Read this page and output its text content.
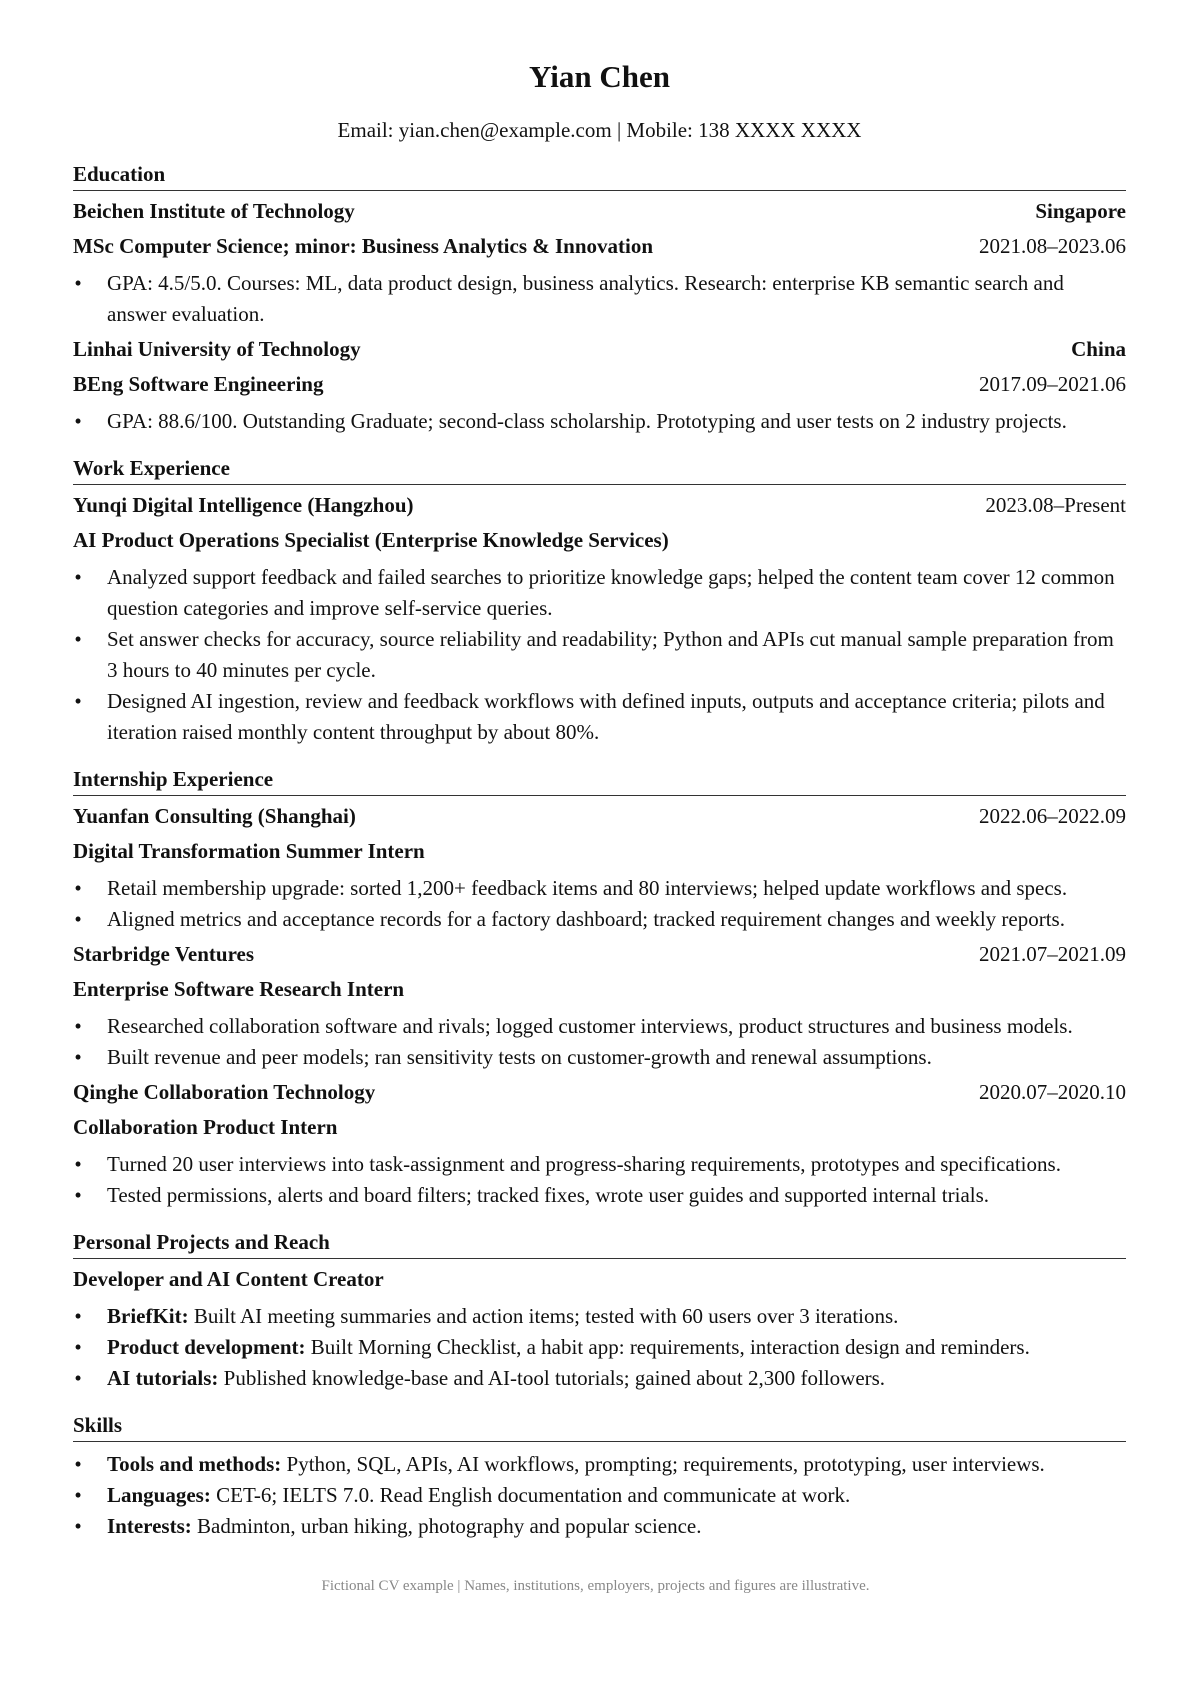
Yian Chen
Email: yian.chen@example.com | Mobile: 138 XXXX XXXX
Education
Beichen Institute of Technology	Singapore
MSc Computer Science; minor: Business Analytics & Innovation	2021.08–2023.06
• GPA: 4.5/5.0. Courses: ML, data product design, business analytics. Research: enterprise KB semantic search and answer evaluation.
Linhai University of Technology	China
BEng Software Engineering	2017.09–2021.06
• GPA: 88.6/100. Outstanding Graduate; second-class scholarship. Prototyping and user tests on 2 industry projects.
Work Experience
Yunqi Digital Intelligence (Hangzhou)	2023.08–Present
AI Product Operations Specialist (Enterprise Knowledge Services)
• Analyzed support feedback and failed searches to prioritize knowledge gaps; helped the content team cover 12 common question categories and improve self-service queries.
• Set answer checks for accuracy, source reliability and readability; Python and APIs cut manual sample preparation from 3 hours to 40 minutes per cycle.
• Designed AI ingestion, review and feedback workflows with defined inputs, outputs and acceptance criteria; pilots and iteration raised monthly content throughput by about 80%.
Internship Experience
Yuanfan Consulting (Shanghai)	2022.06–2022.09
Digital Transformation Summer Intern
• Retail membership upgrade: sorted 1,200+ feedback items and 80 interviews; helped update workflows and specs.
• Aligned metrics and acceptance records for a factory dashboard; tracked requirement changes and weekly reports.
Starbridge Ventures	2021.07–2021.09
Enterprise Software Research Intern
• Researched collaboration software and rivals; logged customer interviews, product structures and business models.
• Built revenue and peer models; ran sensitivity tests on customer-growth and renewal assumptions.
Qinghe Collaboration Technology	2020.07–2020.10
Collaboration Product Intern
• Turned 20 user interviews into task-assignment and progress-sharing requirements, prototypes and specifications.
• Tested permissions, alerts and board filters; tracked fixes, wrote user guides and supported internal trials.
Personal Projects and Reach
Developer and AI Content Creator
• BriefKit: Built AI meeting summaries and action items; tested with 60 users over 3 iterations.
• Product development: Built Morning Checklist, a habit app: requirements, interaction design and reminders.
• AI tutorials: Published knowledge-base and AI-tool tutorials; gained about 2,300 followers.
Skills
• Tools and methods: Python, SQL, APIs, AI workflows, prompting; requirements, prototyping, user interviews.
• Languages: CET-6; IELTS 7.0. Read English documentation and communicate at work.
• Interests: Badminton, urban hiking, photography and popular science.
Fictional CV example | Names, institutions, employers, projects and figures are illustrative.
